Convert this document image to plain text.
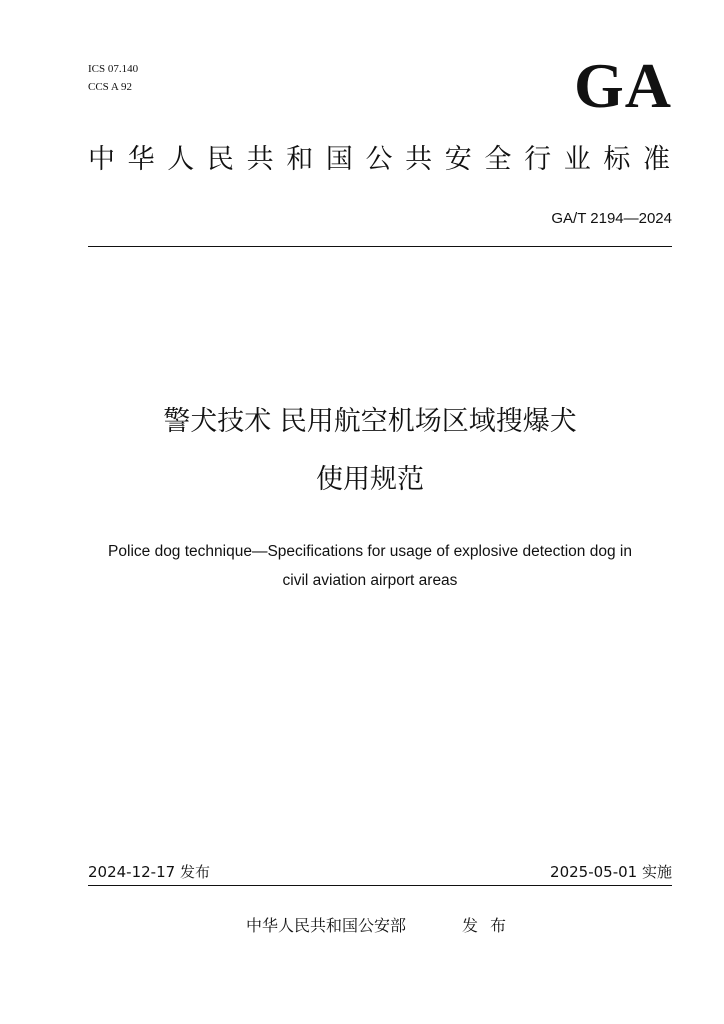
ICS 07.140
CCS A 92	GA
中华人民共和国公共安全行业标准
GA/T 2194—2024
警犬技术 民用航空机场区域搜爆犬
使用规范
Police dog technique—Specifications for usage of explosive detection dog in
civil aviation airport areas
2024-12-17 发布	2025-05-01 实施
中华人民共和国公安部	发布
